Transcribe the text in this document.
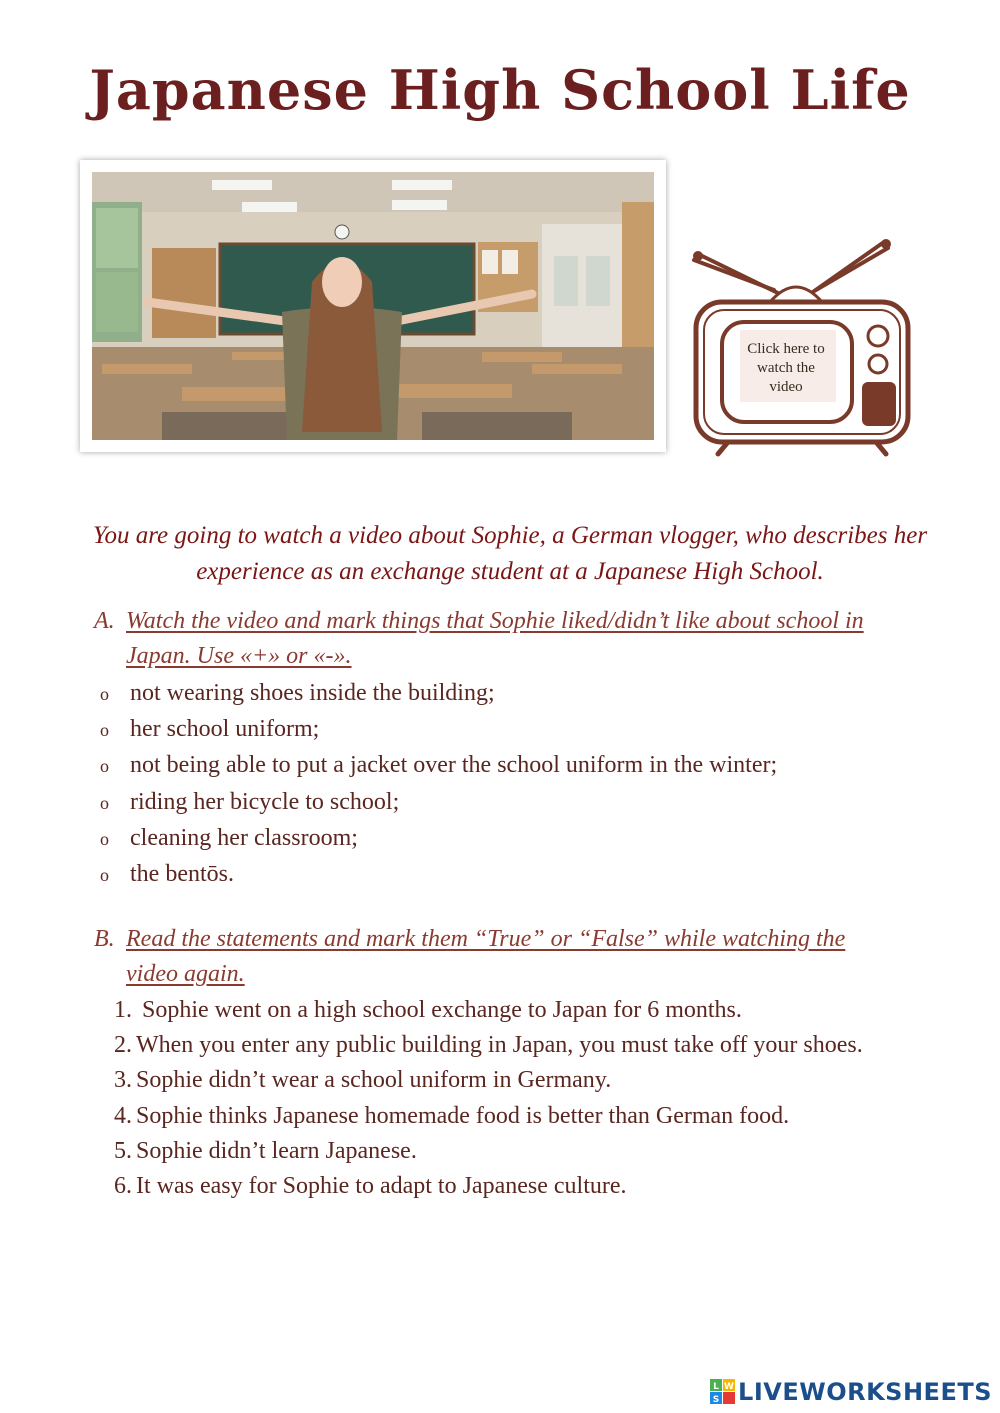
Japanese High School Life
Click here to watch the video
You are going to watch a video about Sophie, a German vlogger, who describes her experience as an exchange student at a Japanese High School.
A. Watch the video and mark things that Sophie liked/didn’t like about school in
Japan. Use «+» or «-».
o not wearing shoes inside the building;
o her school uniform;
o not being able to put a jacket over the school uniform in the winter;
o riding her bicycle to school;
o cleaning her classroom;
o the bentōs.
B. Read the statements and mark them “True” or “False” while watching the
video again.
1. Sophie went on a high school exchange to Japan for 6 months.
2. When you enter any public building in Japan, you must take off your shoes.
3. Sophie didn’t wear a school uniform in Germany.
4. Sophie thinks Japanese homemade food is better than German food.
5. Sophie didn’t learn Japanese.
6. It was easy for Sophie to adapt to Japanese culture.
L W
S LIVEWORKSHEETS
